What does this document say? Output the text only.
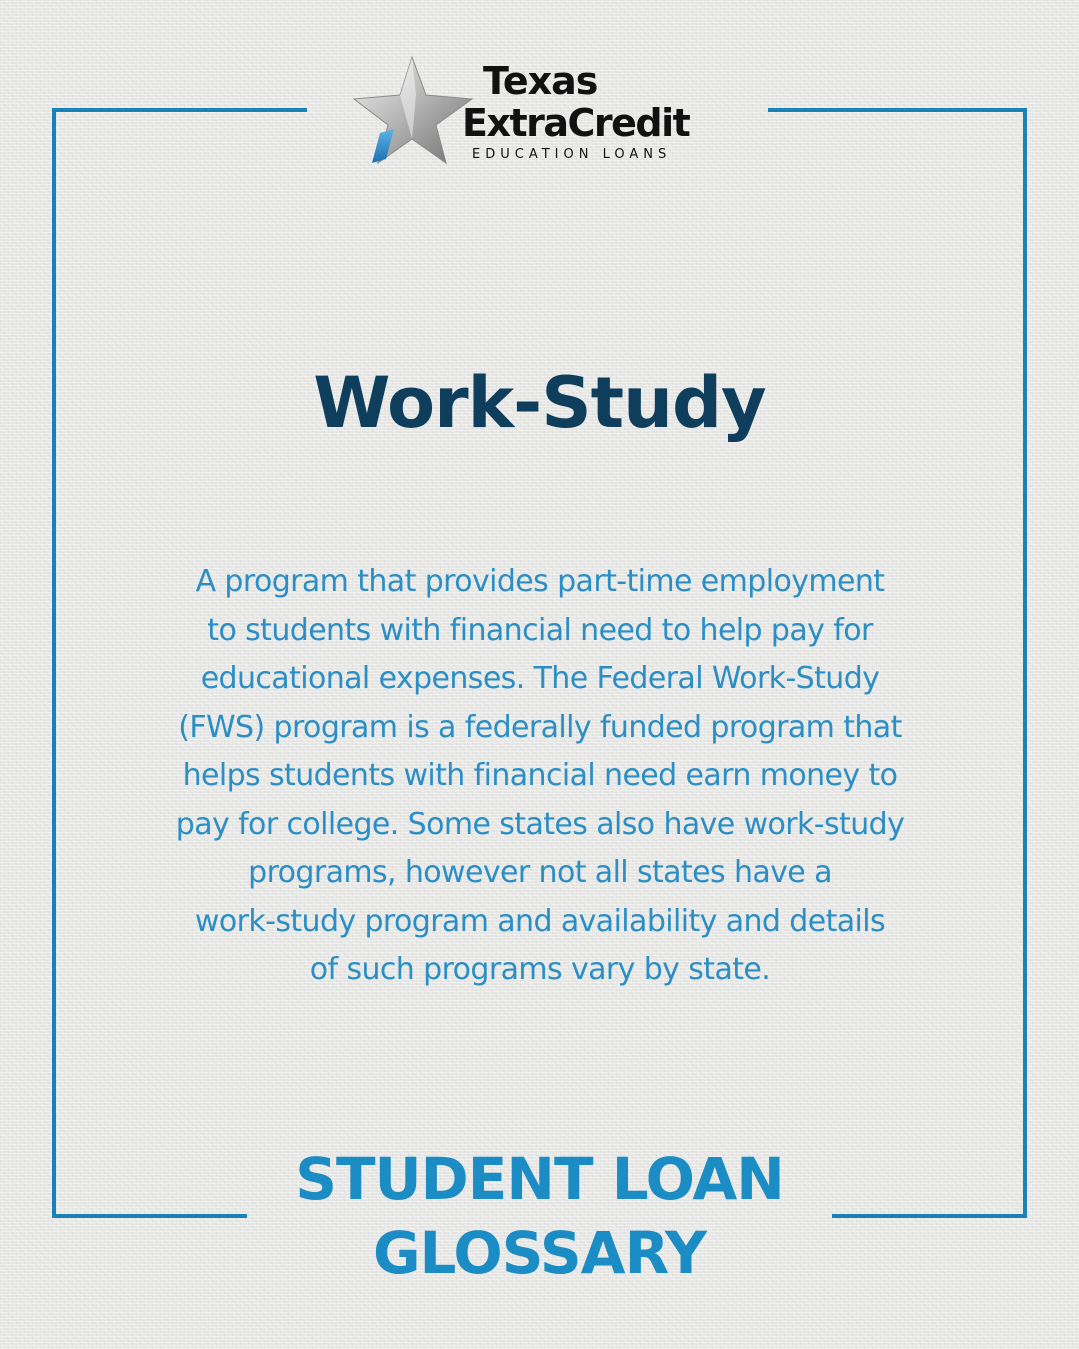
Texas
ExtraCredit
EDUCATION LOANS
Work-Study
A program that provides part-time employment
to students with financial need to help pay for
educational expenses. The Federal Work-Study
(FWS) program is a federally funded program that
helps students with financial need earn money to
pay for college. Some states also have work-study
programs, however not all states have a
work-study program and availability and details
of such programs vary by state.
STUDENT LOAN
GLOSSARY
